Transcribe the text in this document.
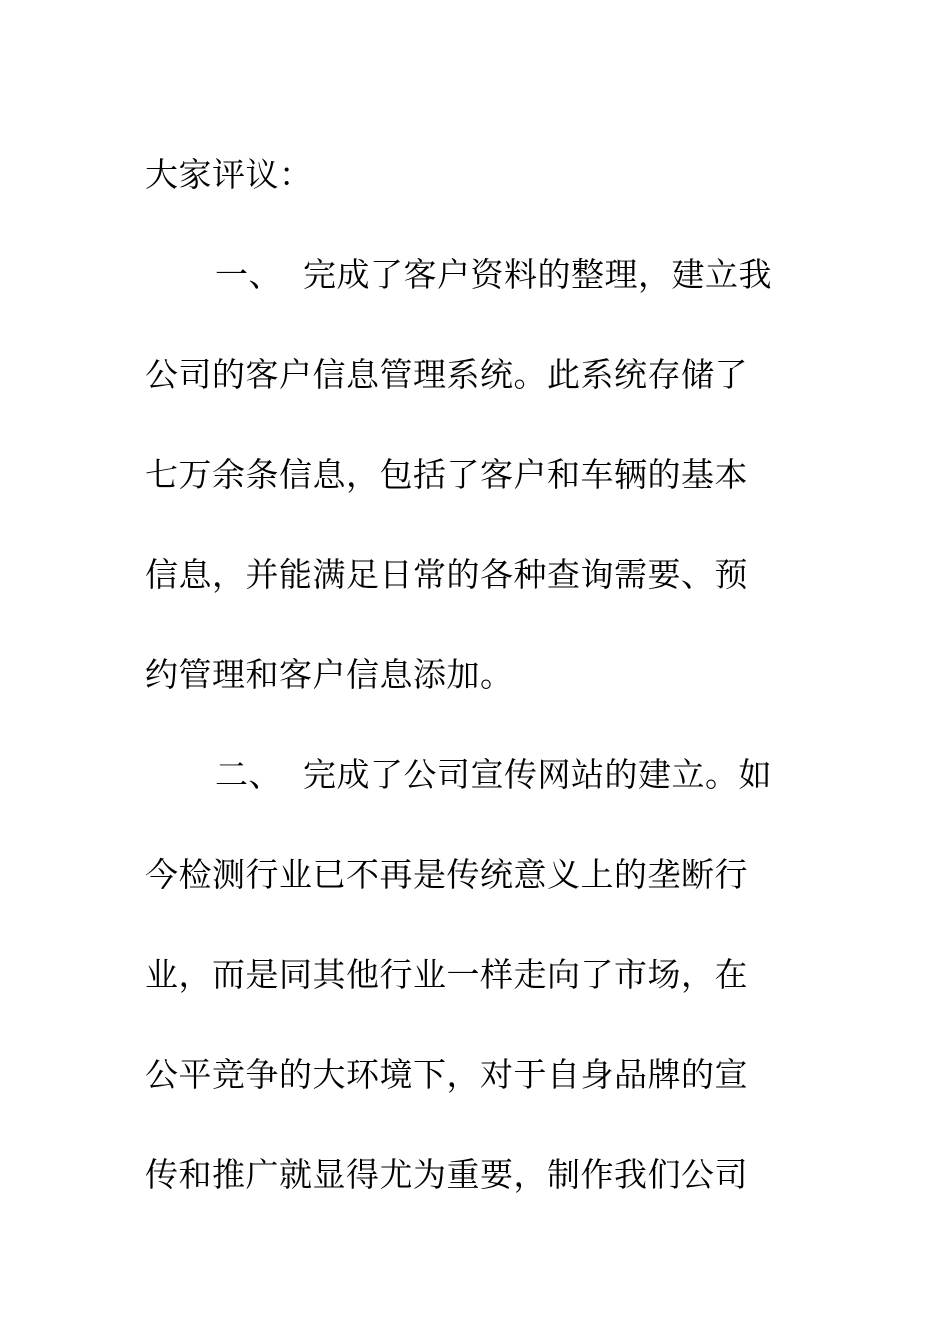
大家评议：
一、 完成了客户资料的整理，建立我
公司的客户信息管理系统。此系统存储了
七万余条信息，包括了客户和车辆的基本
信息，并能满足日常的各种查询需要、预
约管理和客户信息添加。
二、 完成了公司宣传网站的建立。如
今检测行业已不再是传统意义上的垄断行
业，而是同其他行业一样走向了市场，在
公平竞争的大环境下，对于自身品牌的宣
传和推广就显得尤为重要，制作我们公司
